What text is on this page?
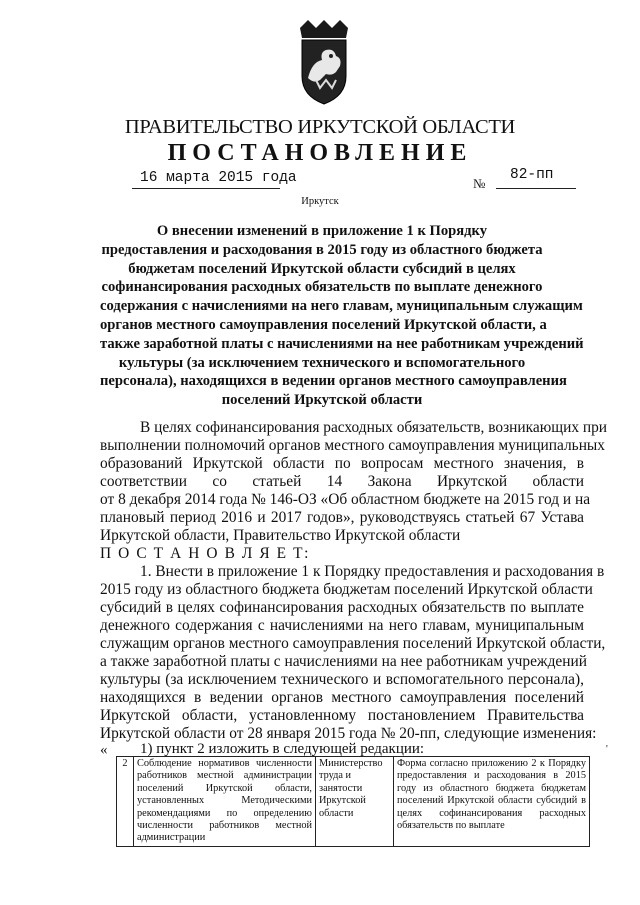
ПРАВИТЕЛЬСТВО ИРКУТСКОЙ ОБЛАСТИ
ПОСТАНОВЛЕНИЕ
16 марта 2015 года	№
82-пп
Иркутск
О внесении изменений в приложение 1 к Порядку
предоставления и расходования в 2015 году из областного бюджета
бюджетам поселений Иркутской области субсидий в целях
софинансирования расходных обязательств по выплате денежного
содержания с начислениями на него главам, муниципальным служащим
органов местного самоуправления поселений Иркутской области, а
также заработной платы с начислениями на нее работникам учреждений
культуры (за исключением технического и вспомогательного
персонала), находящихся в ведении органов местного самоуправления
поселений Иркутской области
В целях софинансирования расходных обязательств, возникающих при
выполнении полномочий органов местного самоуправления муниципальных
образований Иркутской области по вопросам местного значения, в
соответствии со статьей 14 Закона Иркутской области
от 8 декабря 2014 года № 146-ОЗ «Об областном бюджете на 2015 год и на
плановый период 2016 и 2017 годов», руководствуясь статьей 67 Устава
Иркутской области, Правительство Иркутской области
П О С Т А Н О В Л Я Е Т:
1. Внести в приложение 1 к Порядку предоставления и расходования в
2015 году из областного бюджета бюджетам поселений Иркутской области
субсидий в целях софинансирования расходных обязательств по выплате
денежного содержания с начислениями на него главам, муниципальным
служащим органов местного самоуправления поселений Иркутской области,
а также заработной платы с начислениями на нее работникам учреждений
культуры (за исключением технического и вспомогательного персонала),
находящихся в ведении органов местного самоуправления поселений
Иркутской области, установленному постановлением Правительства
Иркутской области от 28 января 2015 года № 20-пп, следующие изменения:
1) пункт 2 изложить в следующей редакции:
«	'
2	Соблюдение нормативов численности работников местной администрации поселений Иркутской области, установленных Методическими рекомендациями по определению численности работников местной администрации	Министерство труда и занятости Иркутской области	Форма согласно приложению 2 к Порядку предоставления и расходования в 2015 году из областного бюджета бюджетам поселений Иркутской области субсидий в целях софинансирования расходных обязательств по выплате
